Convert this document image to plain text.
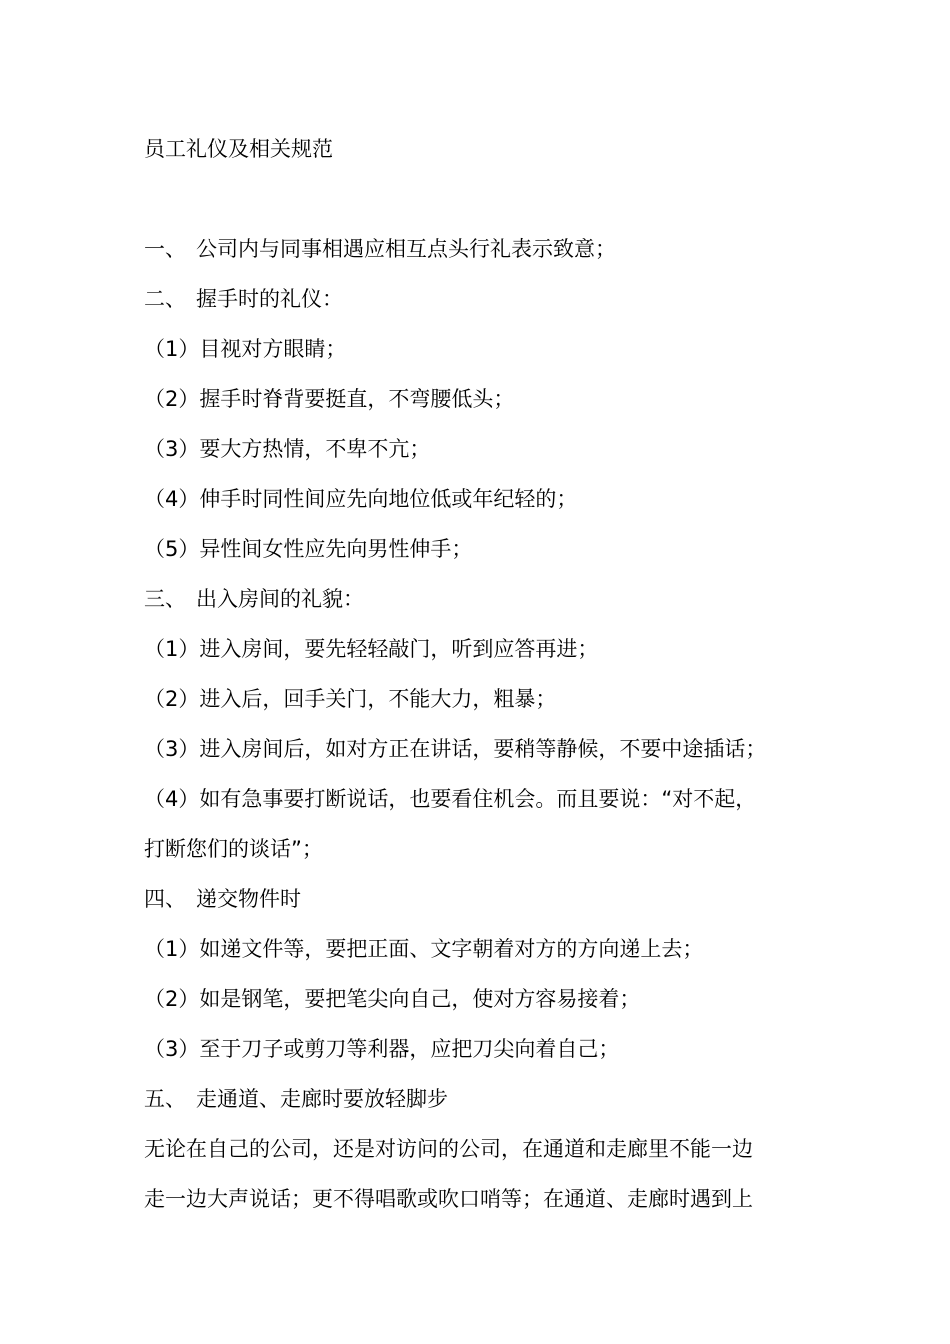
员工礼仪及相关规范
一、 公司内与同事相遇应相互点头行礼表示致意；
二、 握手时的礼仪：
（1）目视对方眼睛；
（2）握手时脊背要挺直，不弯腰低头；
（3）要大方热情，不卑不亢；
（4）伸手时同性间应先向地位低或年纪轻的；
（5）异性间女性应先向男性伸手；
三、 出入房间的礼貌：
（1）进入房间，要先轻轻敲门，听到应答再进；
（2）进入后，回手关门，不能大力，粗暴；
（3）进入房间后，如对方正在讲话，要稍等静候，不要中途插话；
（4）如有急事要打断说话，也要看住机会。而且要说：“对不起，
打断您们的谈话”；
四、 递交物件时
（1）如递文件等，要把正面、文字朝着对方的方向递上去；
（2）如是钢笔，要把笔尖向自己，使对方容易接着；
（3）至于刀子或剪刀等利器，应把刀尖向着自己；
五、 走通道、走廊时要放轻脚步
无论在自己的公司，还是对访问的公司，在通道和走廊里不能一边
走一边大声说话；更不得唱歌或吹口哨等；在通道、走廊时遇到上
